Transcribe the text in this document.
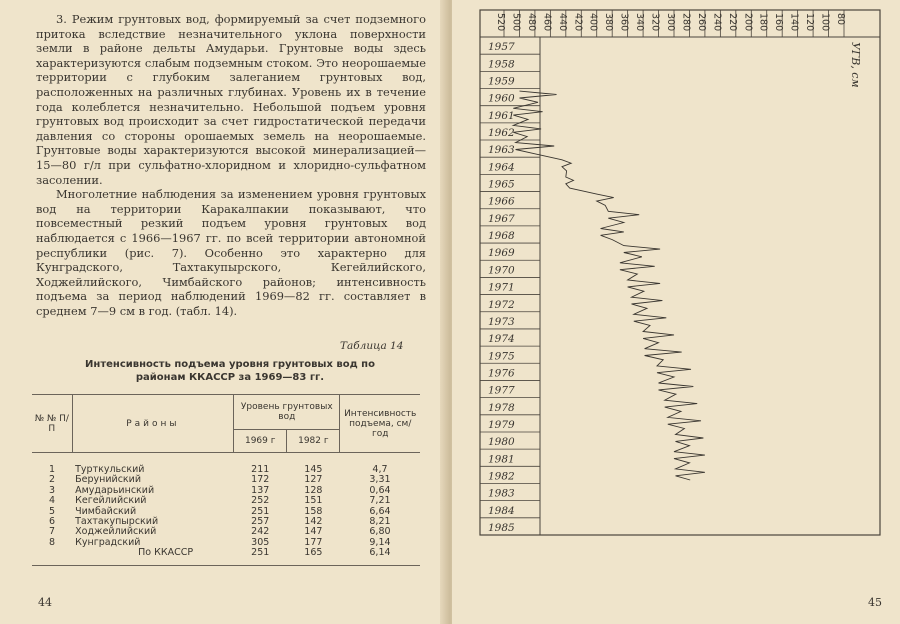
3. Режим грунтовых вод, формируемый за счет подземного притока вследствие незначительного уклона поверхности земли в районе дельты Амударьи. Грунтовые воды здесь характеризуются слабым подземным стоком. Это неорошаемые территории с глубоким залеганием грунтовых вод, расположенных на различных глубинах. Уровень их в течение года колеблется незначительно. Небольшой подъем уровня грунтовых вод происходит за счет гидростатической передачи давления со стороны орошаемых земель на неорошаемые. Грунтовые воды характеризуются высокой минерализацией—15—80 г/л при сульфатно-хлоридном и хлоридно-сульфатном засолении.

Многолетние наблюдения за изменением уровня грунтовых вод на территории Каракалпакии показывают, что повсеместный резкий подъем уровня грунтовых вод наблюдается с 1966—1967 гг. по всей территории автономной республики (рис. 7). Особенно это характерно для Кунградского, Тахтакупырского, Кегейлийского, Ходжейлийского, Чимбайского районов; интенсивность подъема за период наблюдений 1969—82 гг. составляет в среднем 7—9 см в год. (табл. 14).

Таблица 14
Интенсивность подъема уровня грунтовых вод по
районам ККАССР за 1969—83 гг.
№ № П/П	Районы	Уровень грунтовых вод		Интенсивность подъема, см/год
		1969 г	1982 г	
1	Турткульский	211	145	4,7
2	Берунийский	172	127	3,31
3	Амударьинский	137	128	0,64
4	Кегейлийский	252	151	7,21
5	Чимбайский	251	158	6,64
6	Тахтакупырский	257	142	8,21
7	Ходжейлийский	242	147	6,80
8	Кунградский	305	177	9,14
	По ККАССР	251	165	6,14
44
520 500 480 460 440 420 400 380 360 340 320 300 280 260 240 220 200 180 160 140 120 100 80
1957
1958
1959
1960
1961
1962
1963
1964
1965
1966
1967
1968
1969
1970
1971
1972
1973
1974
1975
1976
1977
1978
1979
1980
1981
1982
1983
1984
1985
УГВ, см
45
